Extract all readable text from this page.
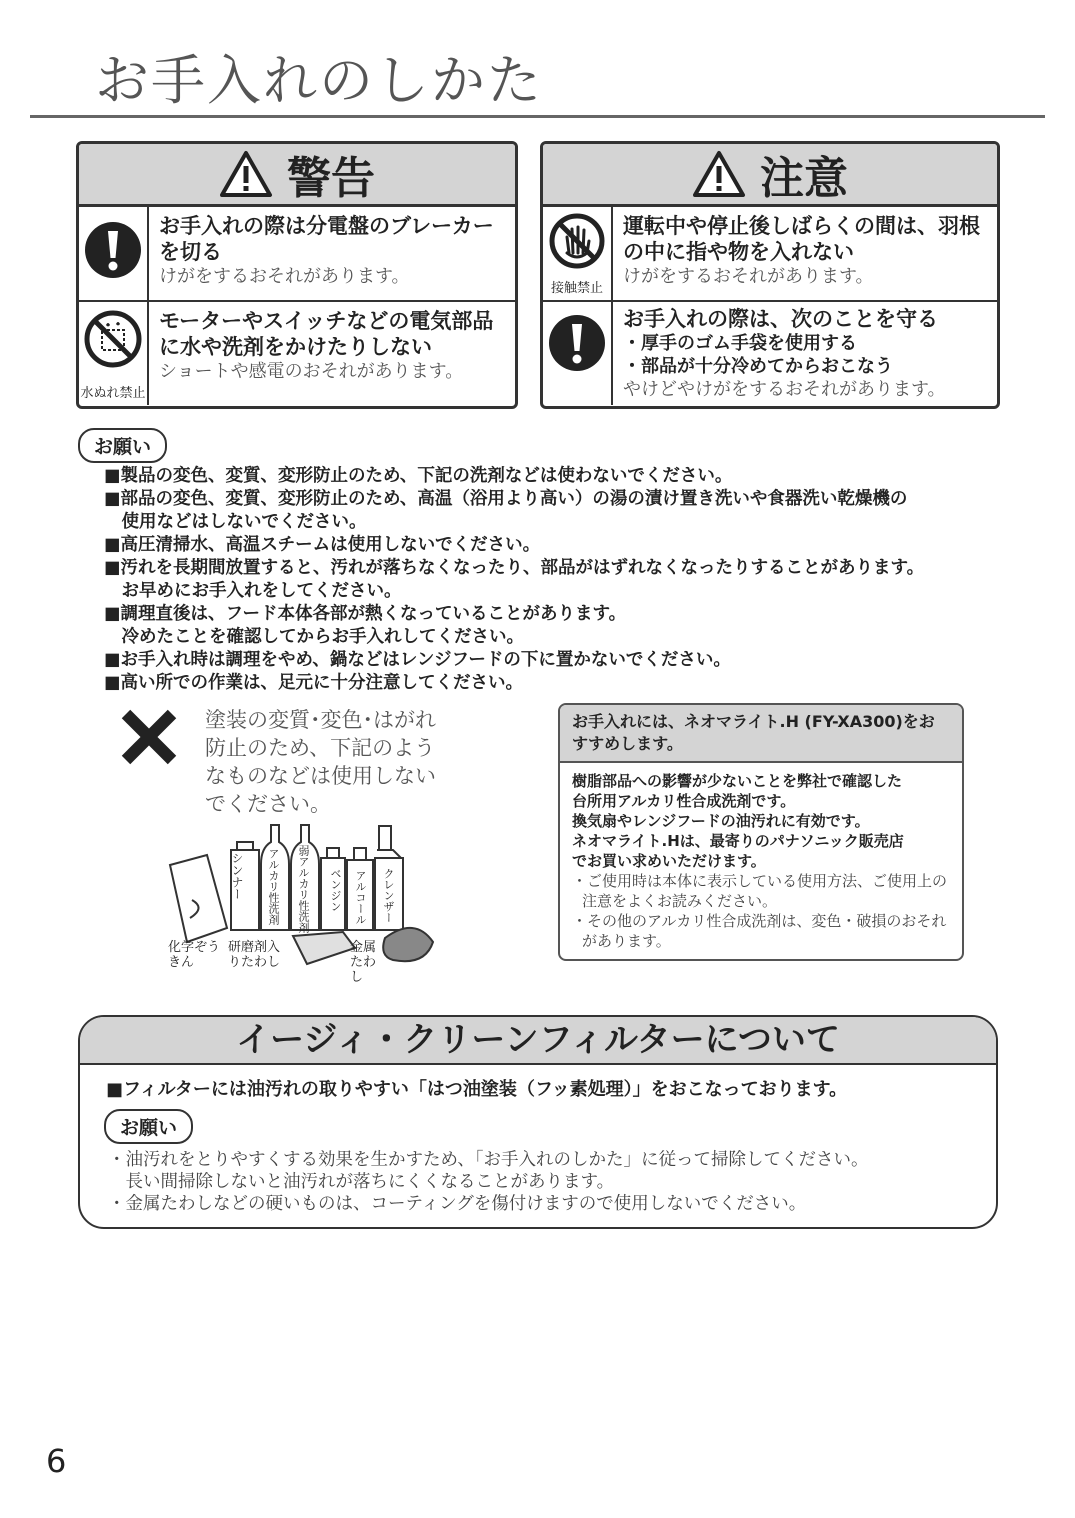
お手入れのしかた
警告
お手入れの際は分電盤のブレーカーを切る
けがをするおそれがあります。
水ぬれ禁止
モーターやスイッチなどの電気部品に水や洗剤をかけたりしない
ショートや感電のおそれがあります。
注意
接触禁止
運転中や停止後しばらくの間は、羽根の中に指や物を入れない
けがをするおそれがあります。
お手入れの際は、次のことを守る
・厚手のゴム手袋を使用する
・部品が十分冷めてからおこなう
やけどやけがをするおそれがあります。
お願い
■製品の変色、変質、変形防止のため、下記の洗剤などは使わないでください。
■部品の変色、変質、変形防止のため、高温（浴用より高い）の湯の漬け置き洗いや食器洗い乾燥機の
　使用などはしないでください。
■高圧清掃水、高温スチームは使用しないでください。
■汚れを長期間放置すると、汚れが落ちなくなったり、部品がはずれなくなったりすることがあります。
　お早めにお手入れをしてください。
■調理直後は、フード本体各部が熱くなっていることがあります。
　冷めたことを確認してからお手入れしてください。
■お手入れ時は調理をやめ、鍋などはレンジフードの下に置かないでください。
■高い所での作業は、足元に十分注意してください。
塗装の変質･変色･はがれ防止のため、下記のようなものなどは使用しないでください。
シンナー アルカリ性洗剤 弱アルカリ性洗剤 ベンジン アルコール クレンザー
化学ぞうきん
研磨剤入りたわし
金属たわし
お手入れには、ネオマライト.H (FY-XA300)をおすすめします。
樹脂部品への影響が少ないことを弊社で確認した
台所用アルカリ性合成洗剤です。
換気扇やレンジフードの油汚れに有効です。
ネオマライト.Hは、最寄りのパナソニック販売店
でお買い求めいただけます。
・ご使用時は本体に表示している使用方法、ご使用上の注意をよくお読みください。
・その他のアルカリ性合成洗剤は、変色・破損のおそれがあります。
イージィ・クリーンフィルターについて
■フィルターには油汚れの取りやすい「はつ油塗装（フッ素処理）」をおこなっております。
お願い
・油汚れをとりやすくする効果を生かすため、「お手入れのしかた」に従って掃除してください。
　長い間掃除しないと油汚れが落ちにくくなることがあります。
・金属たわしなどの硬いものは、コーティングを傷付けますので使用しないでください。
6
